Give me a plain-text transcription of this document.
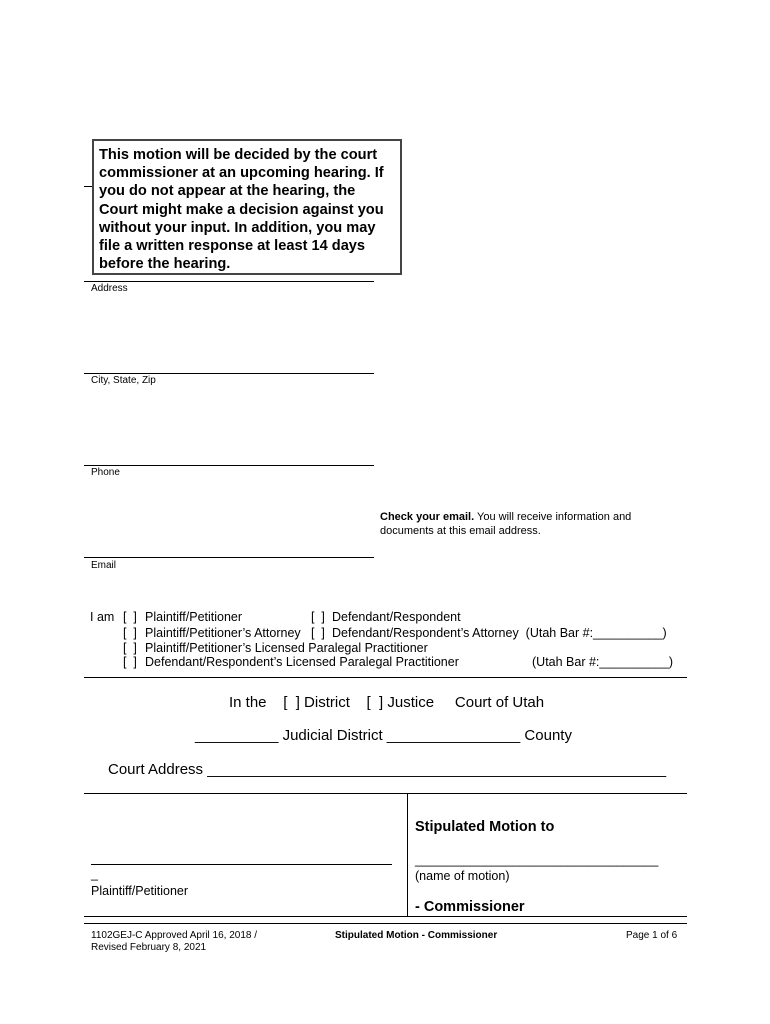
This motion will be decided by the court commissioner at an upcoming hearing. If you do not appear at the hearing, the Court might make a decision against you without your input. In addition, you may file a written response at least 14 days before the hearing.
Address
City, State, Zip
Phone
Check your email. You will receive information and documents at this email address.
Email
I am [  ] Plaintiff/Petitioner	[  ] Defendant/Respondent
[  ] Plaintiff/Petitioner’s Attorney [  ] Defendant/Respondent’s Attorney  (Utah Bar #:__________)
[  ] Plaintiff/Petitioner’s Licensed Paralegal Practitioner
[  ] Defendant/Respondent’s Licensed Paralegal Practitioner	(Utah Bar #:__________)
In the    [  ] District    [  ] Justice     Court of Utah
__________ Judicial District ________________ County
Court Address _______________________________________________________
_
Plaintiff/Petitioner
Stipulated Motion to
___________________________________
(name of motion)
- Commissioner
1102GEJ-C Approved April 16, 2018 /
Revised February 8, 2021
Stipulated Motion - Commissioner	Page 1 of 6
